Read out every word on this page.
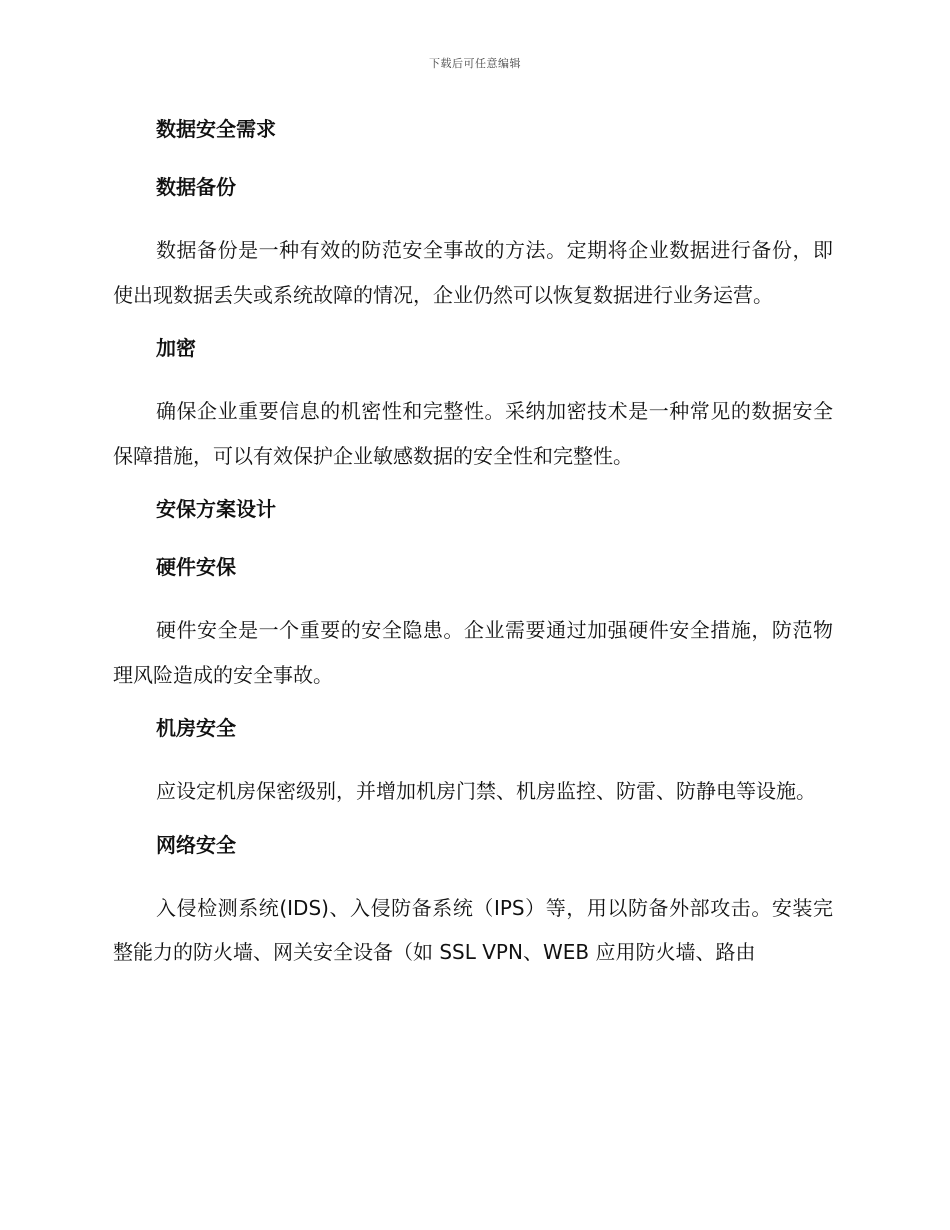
下载后可任意编辑
数据安全需求
数据备份

数据备份是一种有效的防范安全事故的方法。定期将企业数据进行备份，即使出现数据丢失或系统故障的情况，企业仍然可以恢复数据进行业务运营。

加密

确保企业重要信息的机密性和完整性。采纳加密技术是一种常见的数据安全保障措施，可以有效保护企业敏感数据的安全性和完整性。

安保方案设计
硬件安保

硬件安全是一个重要的安全隐患。企业需要通过加强硬件安全措施，防范物理风险造成的安全事故。

机房安全

应设定机房保密级别，并增加机房门禁、机房监控、防雷、防静电等设施。

网络安全

入侵检测系统(IDS)、入侵防备系统（IPS）等，用以防备外部攻击。安装完整能力的防火墙、网关安全设备（如 SSL VPN、WEB 应用防火墙、路由
